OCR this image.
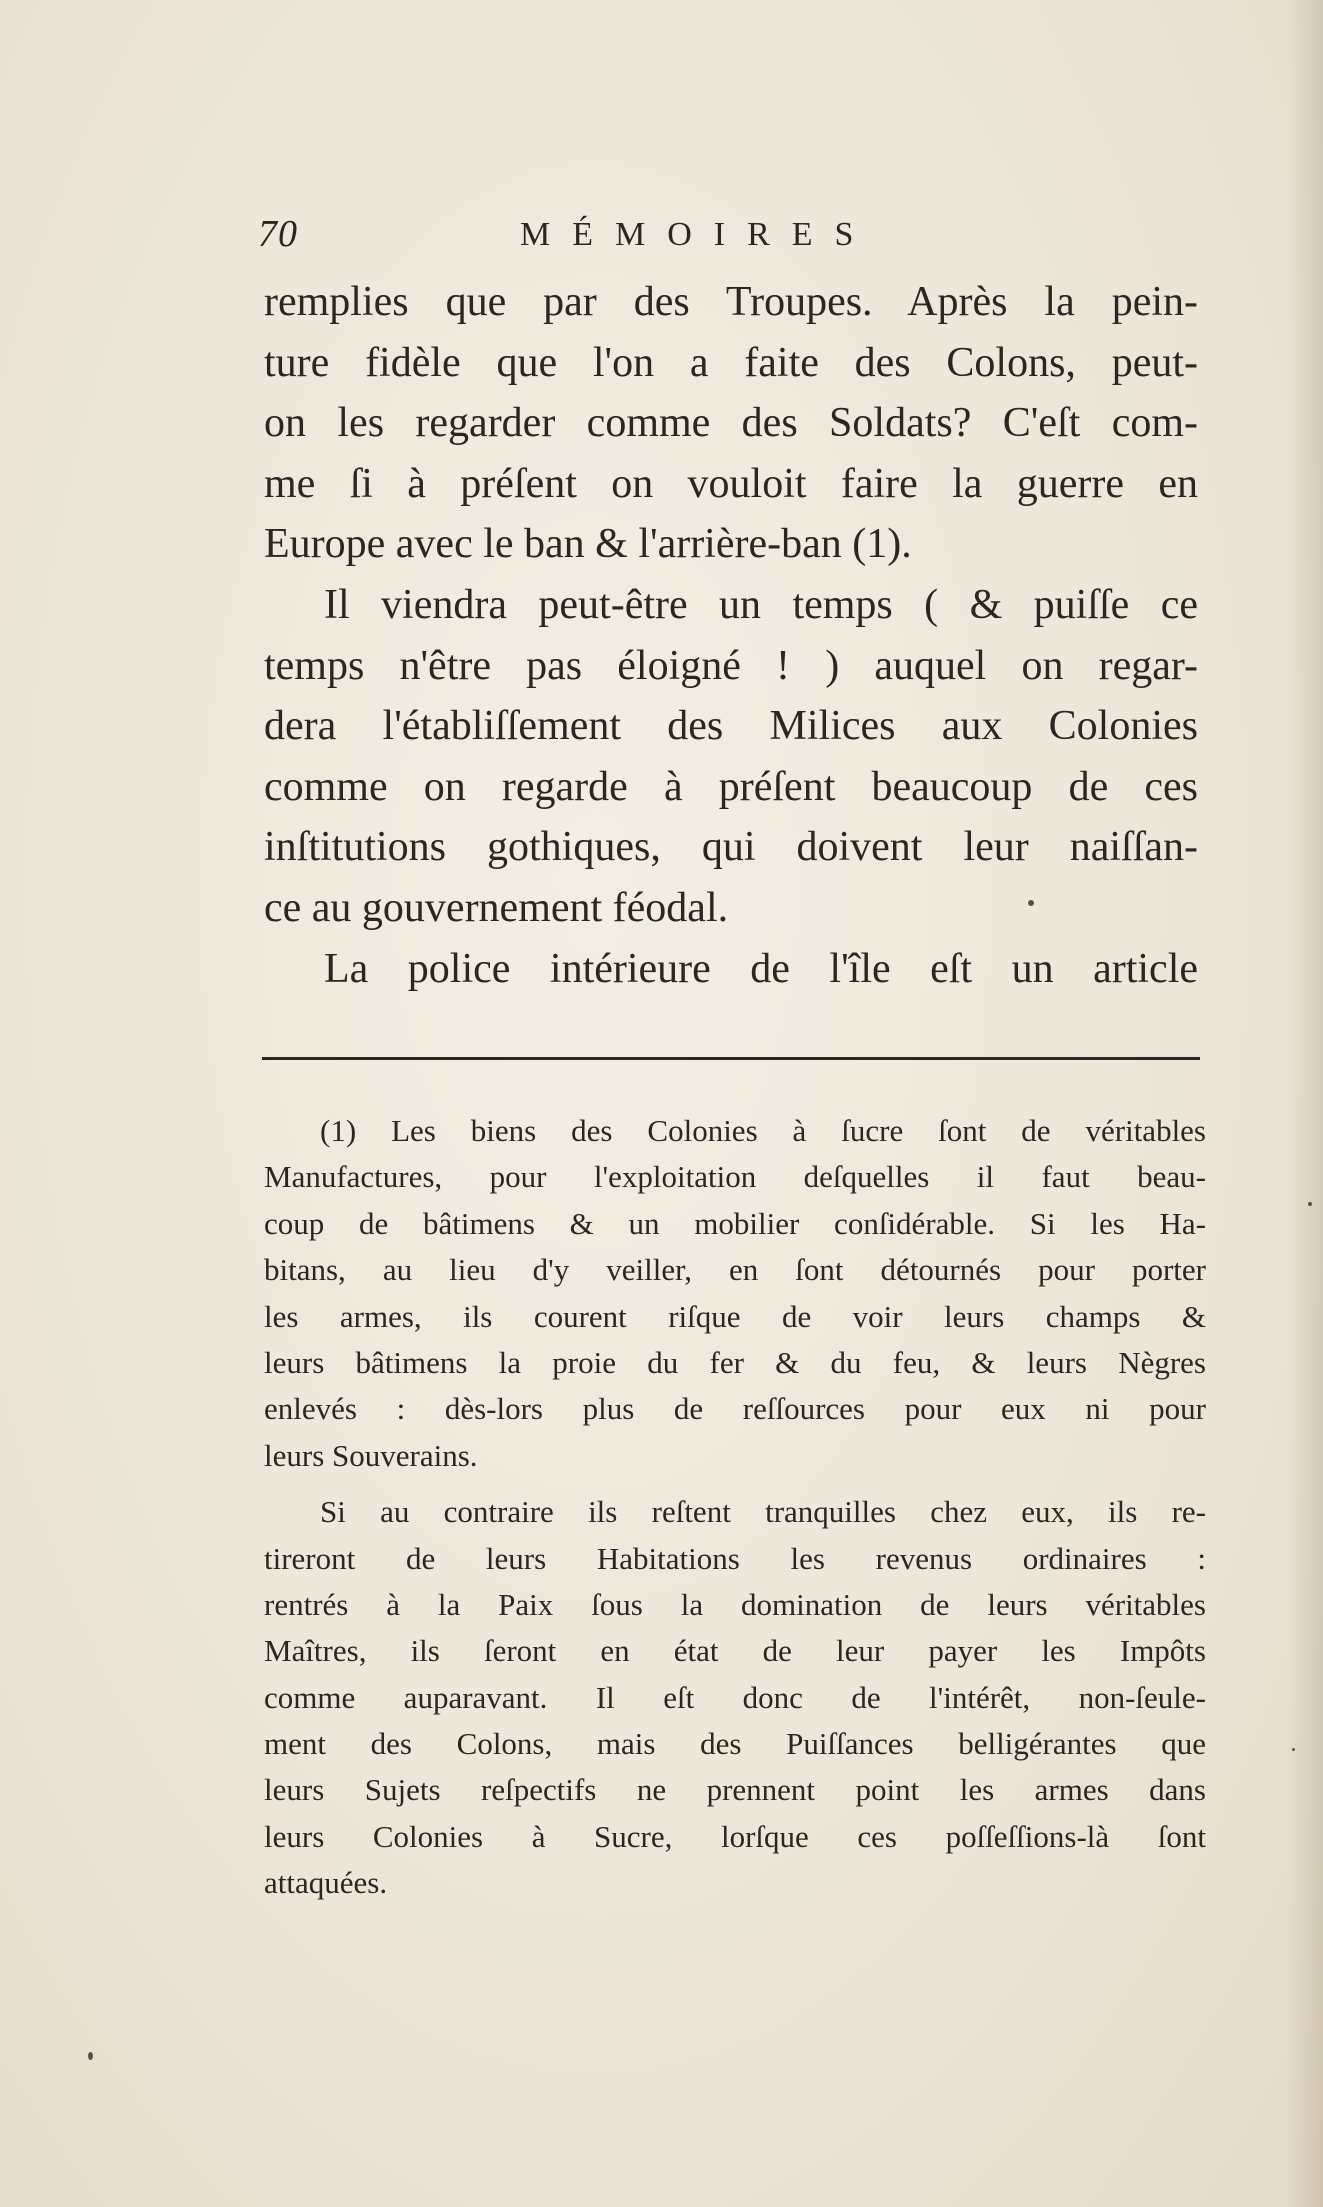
70	MÉMOIRES
remplies que par des Troupes. Après la pein-
ture fidèle que l'on a faite des Colons, peut-
on les regarder comme des Soldats? C'eſt com-
me ſi à préſent on vouloit faire la guerre en
Europe avec le ban & l'arrière-ban (1).
Il viendra peut-être un temps ( & puiſſe ce
temps n'être pas éloigné ! ) auquel on regar-
dera l'établiſſement des Milices aux Colonies
comme on regarde à préſent beaucoup de ces
inſtitutions gothiques, qui doivent leur naiſſan-
ce au gouvernement féodal.
La police intérieure de l'île eſt un article
(1) Les biens des Colonies à ſucre ſont de véritables
Manufactures, pour l'exploitation deſquelles il faut beau-
coup de bâtimens & un mobilier conſidérable. Si les Ha-
bitans, au lieu d'y veiller, en ſont détournés pour porter
les armes, ils courent riſque de voir leurs champs &
leurs bâtimens la proie du fer & du feu, & leurs Nègres
enlevés : dès-lors plus de reſſources pour eux ni pour
leurs Souverains.
Si au contraire ils reſtent tranquilles chez eux, ils re-
tireront de leurs Habitations les revenus ordinaires :
rentrés à la Paix ſous la domination de leurs véritables
Maîtres, ils ſeront en état de leur payer les Impôts
comme auparavant. Il eſt donc de l'intérêt, non-ſeule-
ment des Colons, mais des Puiſſances belligérantes que
leurs Sujets reſpectifs ne prennent point les armes dans
leurs Colonies à Sucre, lorſque ces poſſeſſions-là ſont
attaquées.
